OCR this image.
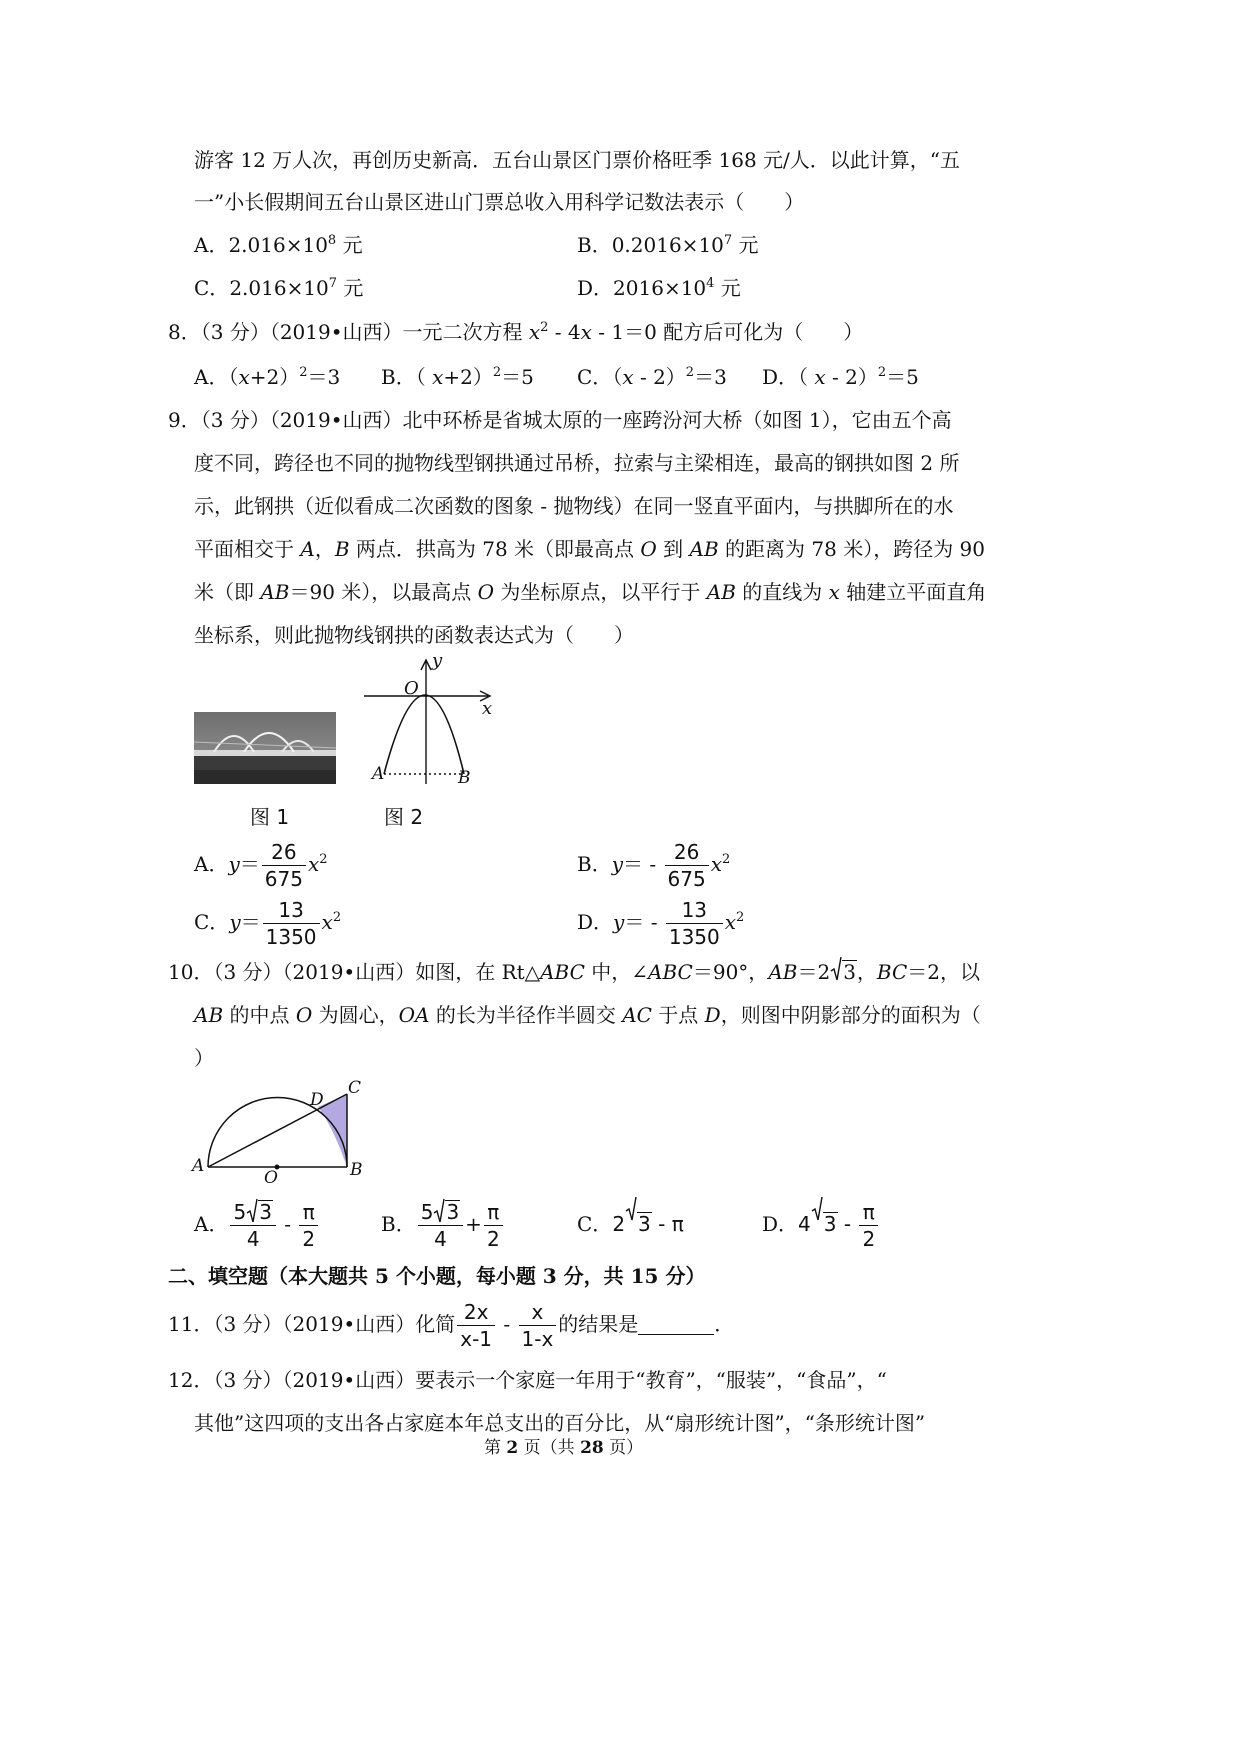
游客 12 万人次，再创历史新高．五台山景区门票价格旺季 168 元/人．以此计算，“五
一”小长假期间五台山景区进山门票总收入用科学记数法表示（　　）
A．$2.016\times 10^8$ 元	B．$0.2016\times 10^7$ 元
C．$2.016\times 10^7$ 元	D．$2016\times 10^4$ 元
8．（3 分）（2019•山西）一元二次方程 $x^2 - 4x - 1=0$ 配方后可化为（　　）
A．$(x+2)^2=3$ B．（ x+2）$^2$＝5 C．（x - 2）$^2$＝3 D．（ x - 2）$^2$＝5
9．（3 分）（2019•山西）北中环桥是省城太原的一座跨汾河大桥（如图 1），它由五个高
度不同，跨径也不同的抛物线型钢拱通过吊桥，拉索与主梁相连，最高的钢拱如图 2 所
示，此钢拱（近似看成二次函数的图象 - 抛物线）在同一竖直平面内，与拱脚所在的水
平面相交于 A，B 两点．拱高为 78 米（即最高点 O 到 AB 的距离为 78 米），跨径为 90
米（即 AB＝90 米），以最高点 O 为坐标原点，以平行于 AB 的直线为 x 轴建立平面直角
坐标系，则此抛物线钢拱的函数表达式为（　　）
图 1
y
O
x
A	B
图 2
A．$y= \frac{26}{675} x^2$	B．$y= - \frac{26}{675} x^2$
C．$y= \frac{13}{1350} x^2$	D．$y= - \frac{13}{1350} x^2$
10．（3 分）（2019•山西）如图，在 Rt△ABC 中，∠ABC＝90°，AB＝2 3，BC＝2，以
AB 的中点 O 为圆心，OA 的长为半径作半圆交 AC 于点 D，则图中阴影部分的面积为（
）
A
O	B
C
D
A． $\frac{5 3}{4} - \frac{\pi}{2}$	B． $\frac{5 3}{4} + \frac{\pi}{2}$	C．2 3 - π	D．4 $3 - \frac{\pi}{2}$
二、填空题（本大题共 5 个小题，每小题 3 分，共 15 分）
11．（3 分）（2019•山西）化简 $\frac{2x}{x-1} - \frac{x}{1-x}$ 的结果是	．
12．（3 分）（2019•山西）要表示一个家庭一年用于“教育”，“服装”，“食品”，“
其他”这四项的支出各占家庭本年总支出的百分比，从“扇形统计图”，“条形统计图”
第 2 页（共 28 页）
